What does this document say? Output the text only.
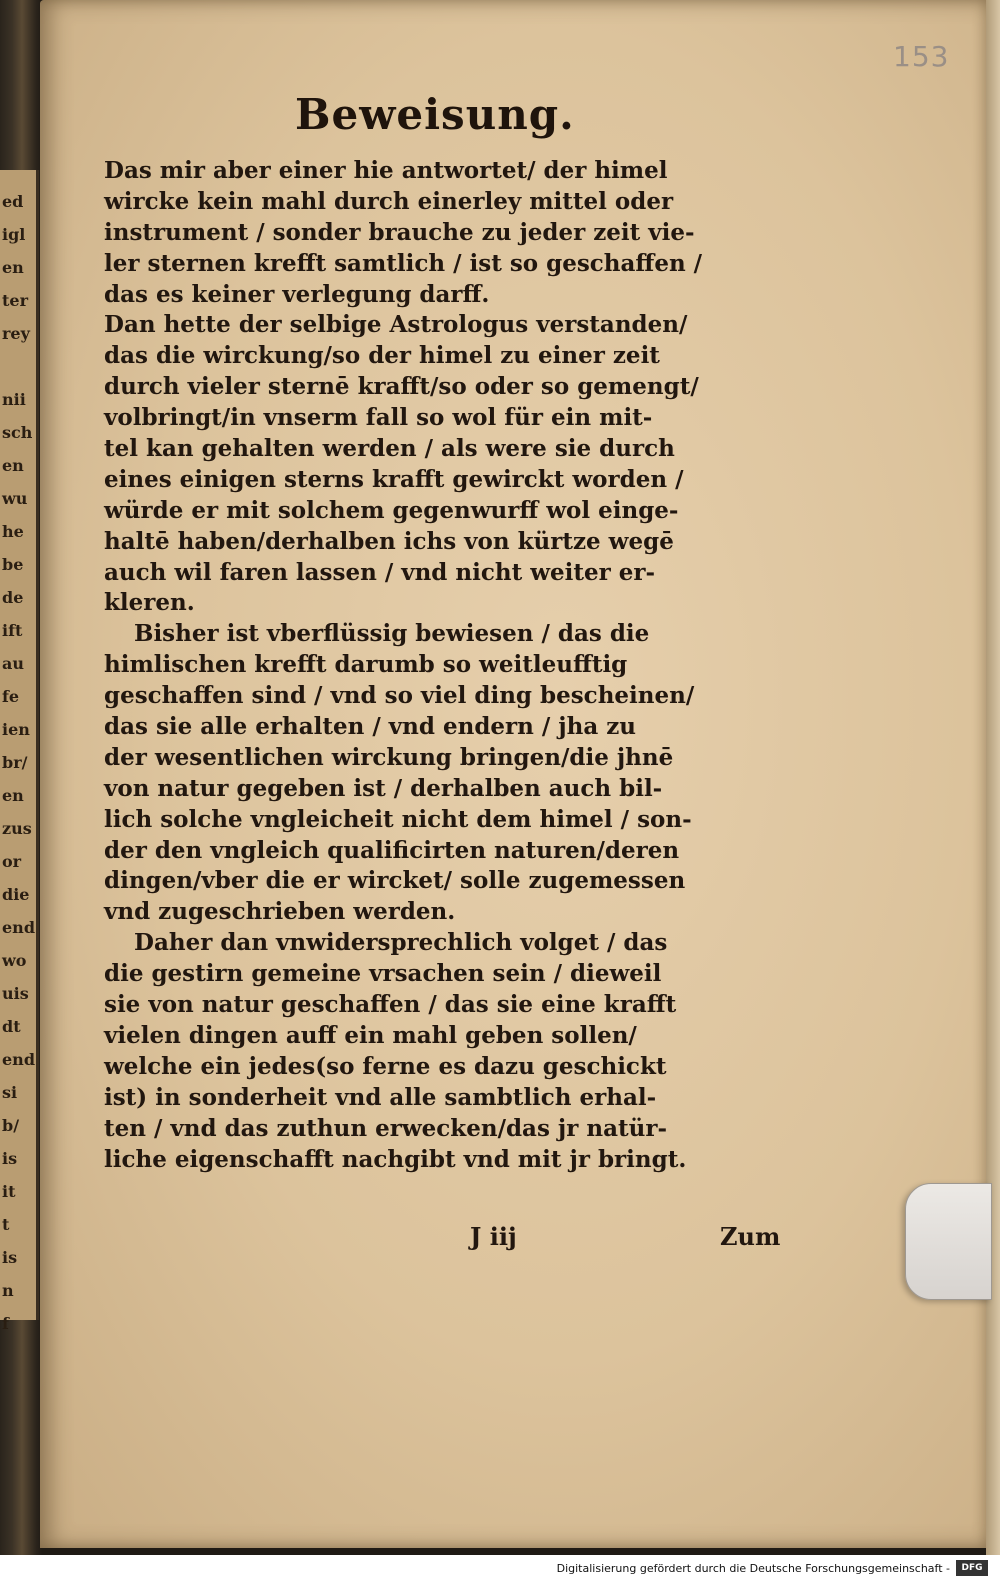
ed
igl
en
ter
rey

nii
sch
en
wu
he
be
de
ift
au
fe
ien
br/
en
zus
or
die
end
wo
uis
dt
end
si
b/
is
it
t
is
n
f
153
Beweisung.
Das mir aber einer hie antwortet/ der himel
wircke kein mahl durch einerley mittel oder
instrument / sonder brauche zu jeder zeit vie-
ler sternen krefft samtlich / ist so geschaffen /
das es keiner verlegung darff.
Dan hette der selbige Astrologus verstanden/
das die wirckung/so der himel zu einer zeit
durch vieler sternē krafft/so oder so gemengt/
volbringt/in vnserm fall so wol für ein mit-
tel kan gehalten werden / als were sie durch
eines einigen sterns krafft gewirckt worden /
würde er mit solchem gegenwurff wol einge-
haltē haben/derhalben ichs von kürtze wegē
auch wil faren lassen / vnd nicht weiter er-
kleren.
Bisher ist vberflüssig bewiesen / das die
himlischen krefft darumb so weitleufftig
geschaffen sind / vnd so viel ding bescheinen/
das sie alle erhalten / vnd endern / jha zu
der wesentlichen wirckung bringen/die jhnē
von natur gegeben ist / derhalben auch bil-
lich solche vngleicheit nicht dem himel / son-
der den vngleich qualificirten naturen/deren
dingen/vber die er wircket/ solle zugemessen
vnd zugeschrieben werden.
Daher dan vnwidersprechlich volget / das
die gestirn gemeine vrsachen sein / dieweil
sie von natur geschaffen / das sie eine krafft
vielen dingen auff ein mahl geben sollen/
welche ein jedes(so ferne es dazu geschickt
ist) in sonderheit vnd alle sambtlich erhal-
ten / vnd das zuthun erwecken/das jr natür-
liche eigenschafft nachgibt vnd mit jr bringt.
J iij	Zum
Digitalisierung gefördert durch die Deutsche Forschungsgemeinschaft -	DFG
